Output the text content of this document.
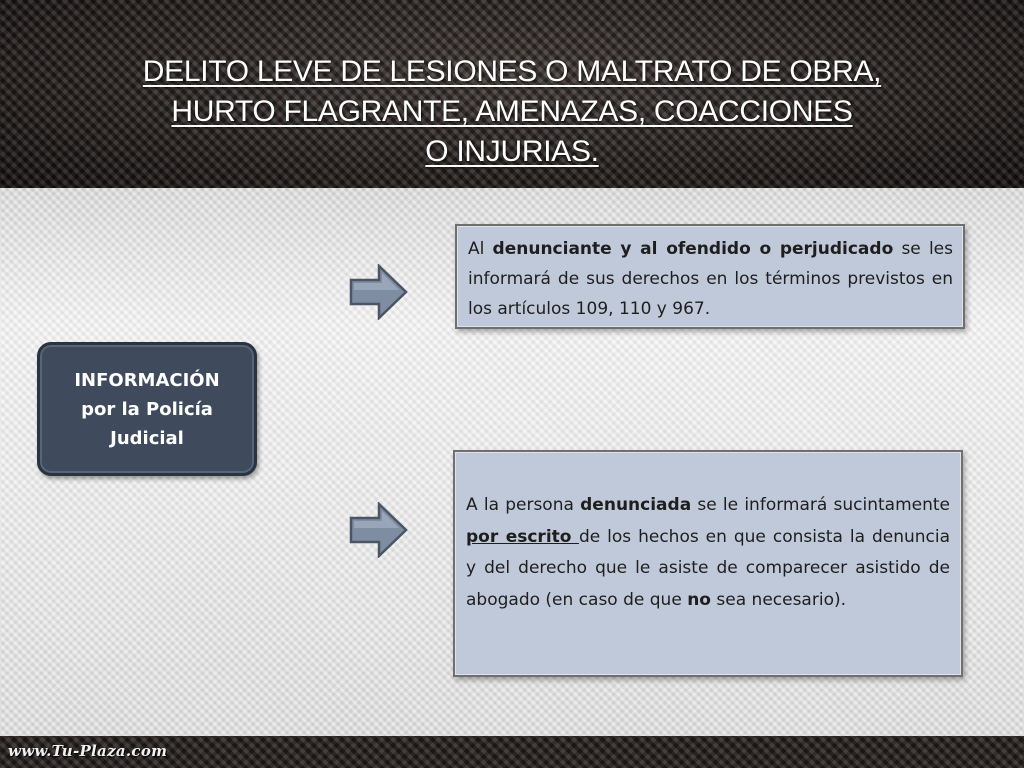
DELITO LEVE DE LESIONES O MALTRATO DE OBRA,
HURTO FLAGRANTE, AMENAZAS, COACCIONES
O INJURIAS.
INFORMACIÓN
por la Policía
Judicial
Al denunciante y al ofendido o perjudicado se les informará de sus derechos en los términos previstos en los artículos 109, 110 y 967.
A la persona denunciada se le informará sucintamente por escrito de los hechos en que consista la denuncia y del derecho que le asiste de comparecer asistido de abogado (en caso de que no sea necesario).
www.Tu-Plaza.com
